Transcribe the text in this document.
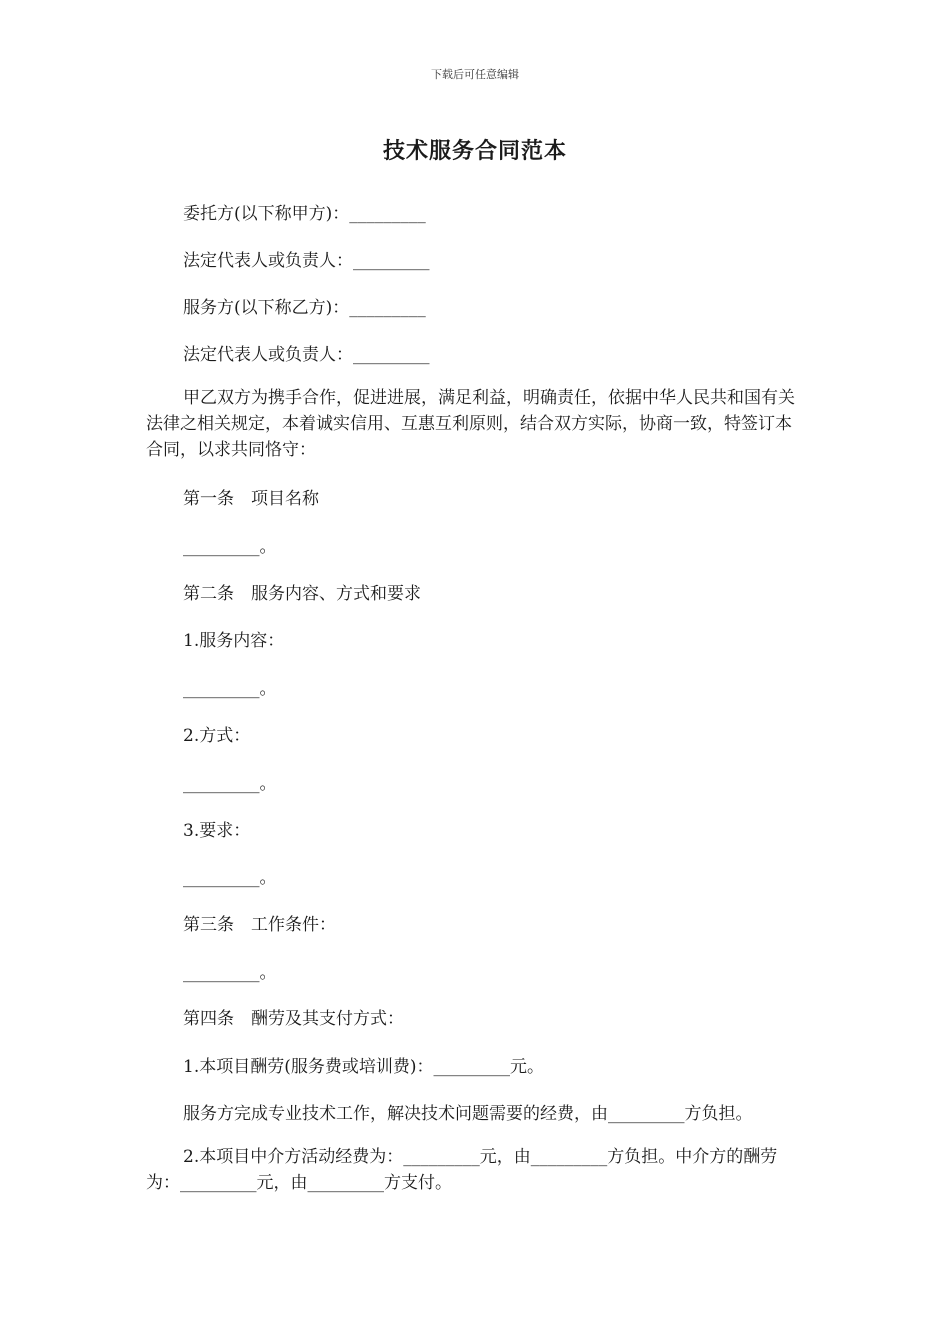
下载后可任意编辑
技术服务合同范本
委托方(以下称甲方)：_________
法定代表人或负责人：_________
服务方(以下称乙方)：_________
法定代表人或负责人：_________
甲乙双方为携手合作，促进进展，满足利益，明确责任，依据中华人民共和国有关法律之相关规定，本着诚实信用、互惠互利原则，结合双方实际，协商一致，特签订本合同，以求共同恪守：
第一条　项目名称
_________。
第二条　服务内容、方式和要求
1.服务内容：
_________。
2.方式：
_________。
3.要求：
_________。
第三条　工作条件：
_________。
第四条　酬劳及其支付方式：
1.本项目酬劳(服务费或培训费)：_________元。
服务方完成专业技术工作，解决技术问题需要的经费，由_________方负担。
2.本项目中介方活动经费为：_________元，由_________方负担。中介方的酬劳为：_________元，由_________方支付。
